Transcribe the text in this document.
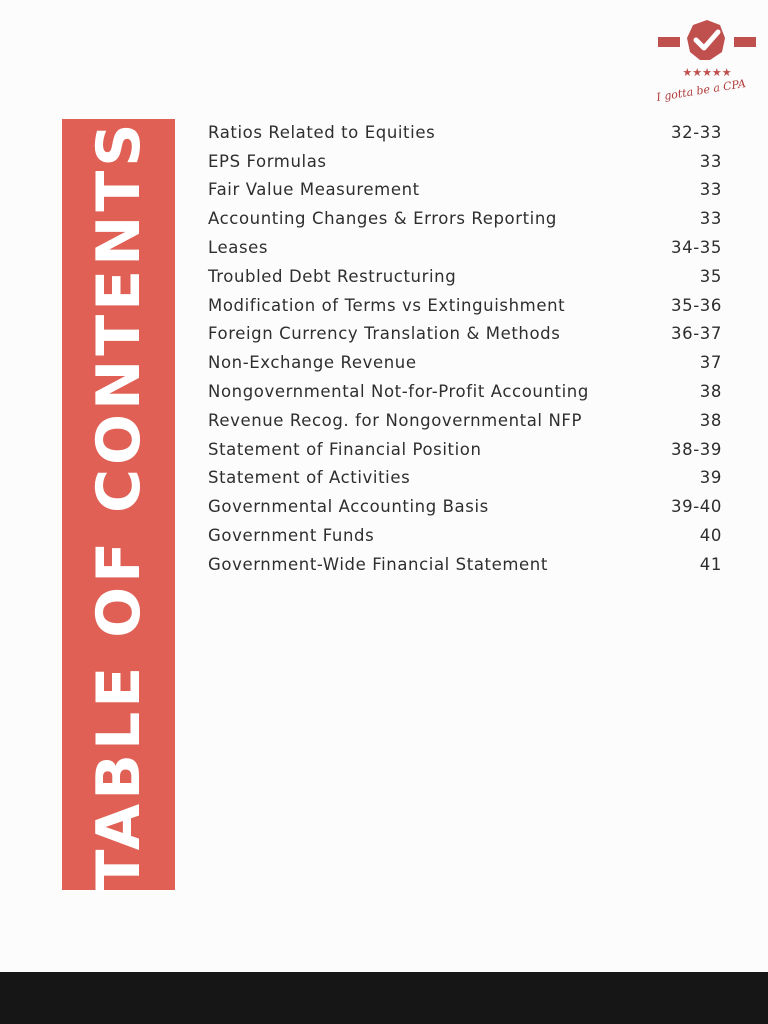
★★★★★
I gotta be a CPA
TABLE OF CONTENTS	Ratios Related to Equities	32-33
EPS Formulas	33
Fair Value Measurement	33
Accounting Changes & Errors Reporting	33
Leases	34-35
Troubled Debt Restructuring	35
Modification of Terms vs Extinguishment	35-36
Foreign Currency Translation & Methods	36-37
Non-Exchange Revenue	37
Nongovernmental Not-for-Profit Accounting	38
Revenue Recog. for Nongovernmental NFP	38
Statement of Financial Position	38-39
Statement of Activities	39
Governmental Accounting Basis	39-40
Government Funds	40
Government-Wide Financial Statement	41
